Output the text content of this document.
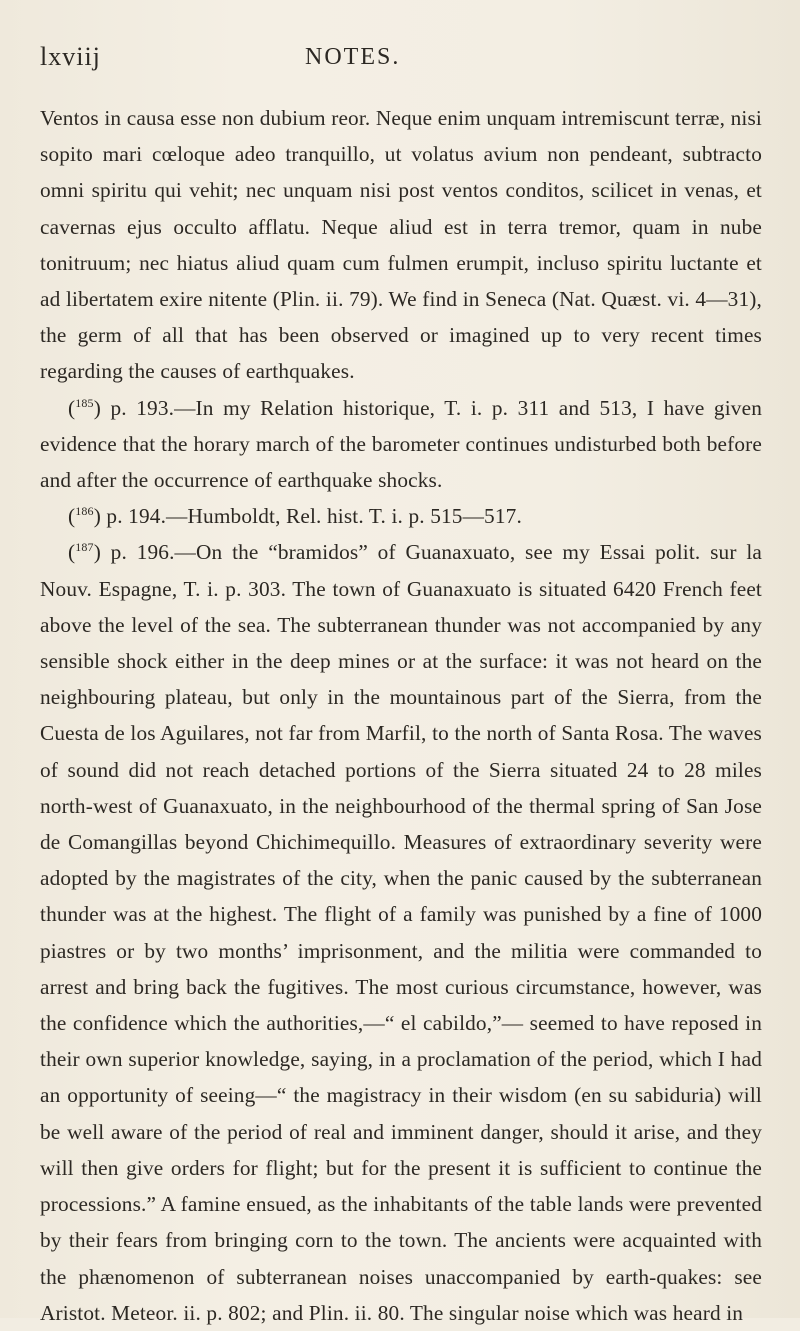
lxviij	NOTES.

Ventos in causa esse non dubium reor. Neque enim unquam intremiscunt terræ, nisi sopito mari cœloque adeo tranquillo, ut volatus avium non pendeant, subtracto omni spiritu qui vehit; nec unquam nisi post ventos conditos, scilicet in venas, et cavernas ejus occulto afflatu. Neque aliud est in terra tremor, quam in nube tonitruum; nec hiatus aliud quam cum fulmen erumpit, incluso spiritu luctante et ad libertatem exire nitente (Plin. ii. 79). We find in Seneca (Nat. Quæst. vi. 4—31), the germ of all that has been observed or imagined up to very recent times regarding the causes of earthquakes.

($^{185}$) p. 193.—In my Relation historique, T. i. p. 311 and 513, I have given evidence that the horary march of the barometer continues undisturbed both before and after the occurrence of earthquake shocks.

($^{186}$) p. 194.—Humboldt, Rel. hist. T. i. p. 515—517.

($^{187}$) p. 196.—On the “bramidos” of Guanaxuato, see my Essai polit. sur la Nouv. Espagne, T. i. p. 303. The town of Guanaxuato is situated 6420 French feet above the level of the sea. The subterranean thunder was not accompanied by any sensible shock either in the deep mines or at the surface: it was not heard on the neighbouring plateau, but only in the mountainous part of the Sierra, from the Cuesta de los Aguilares, not far from Marfil, to the north of Santa Rosa. The waves of sound did not reach detached portions of the Sierra situated 24 to 28 miles north-west of Guanaxuato, in the neighbourhood of the thermal spring of San Jose de Comangillas beyond Chichimequillo. Measures of extraordinary severity were adopted by the magistrates of the city, when the panic caused by the subterranean thunder was at the highest. The flight of a family was punished by a fine of 1000 piastres or by two months’ imprisonment, and the militia were commanded to arrest and bring back the fugitives. The most curious circumstance, however, was the confidence which the authorities,—“ el cabildo,”— seemed to have reposed in their own superior knowledge, saying, in a proclamation of the period, which I had an opportunity of seeing—“ the magistracy in their wisdom (en su sabiduria) will be well aware of the period of real and imminent danger, should it arise, and they will then give orders for flight; but for the present it is sufficient to continue the processions.” A famine ensued, as the inhabitants of the table lands were prevented by their fears from bringing corn to the town. The ancients were acquainted with the phænomenon of subterranean noises unaccompanied by earth-quakes: see Aristot. Meteor. ii. p. 802; and Plin. ii. 80. The singular noise which was heard in
